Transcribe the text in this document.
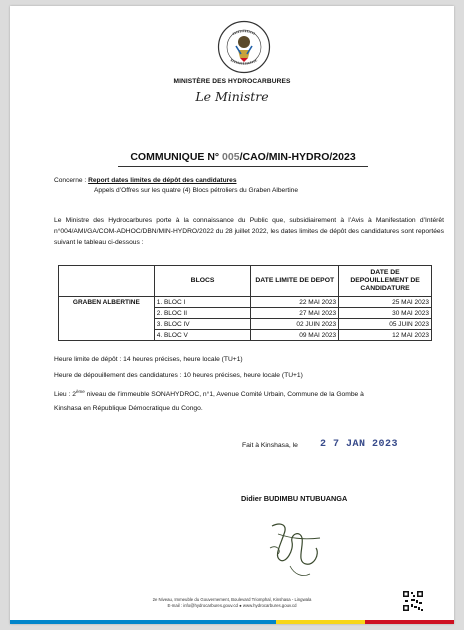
MINISTÈRE DES HYDROCARBURES
Le Ministre
COMMUNIQUE N° 005/CAO/MIN-HYDRO/2023
Concerne : Report dates limites de dépôt des candidatures
Appels d’Offres sur les quatre (4) Blocs pétroliers du Graben Albertine
Le Ministre des Hydrocarbures porte à la connaissance du Public que, subsidiairement à l’Avis à Manifestation d’Intérêt n°004/AMI/GA/COM-ADHOC/DBN/MIN-HYDRO/2022 du 28 juillet 2022, les dates limites de dépôt des candidatures sont reportées suivant le tableau ci-dessous :
	BLOCS	DATE LIMITE DE DEPOT	DATE DE DEPOUILLEMENT DE CANDIDATURE
GRABEN ALBERTINE	1. BLOC I	22 MAI 2023	25 MAI 2023
	2. BLOC II	27 MAI 2023	30 MAI 2023
	3. BLOC IV	02 JUIN 2023	05 JUIN 2023
	4. BLOC V	09 MAI 2023	12 MAI 2023
Heure limite de dépôt : 14 heures précises, heure locale (TU+1)
Heure de dépouillement des candidatures : 10 heures précises, heure locale (TU+1)
Lieu : 2ème niveau de l’immeuble SONAHYDROC, n°1, Avenue Comité Urbain, Commune de la Gombe à
Kinshasa en République Démocratique du Congo.
Fait à Kinshasa, le 2 7 JAN 2023
Didier BUDIMBU NTUBUANGA
2e Niveau, Immeuble du Gouvernement, Boulevard Triomphal, Kinshasa - Lingwala
E-mail : info@hydrocarbures.gouv.cd ● www.hydrocarbures.gouv.cd
